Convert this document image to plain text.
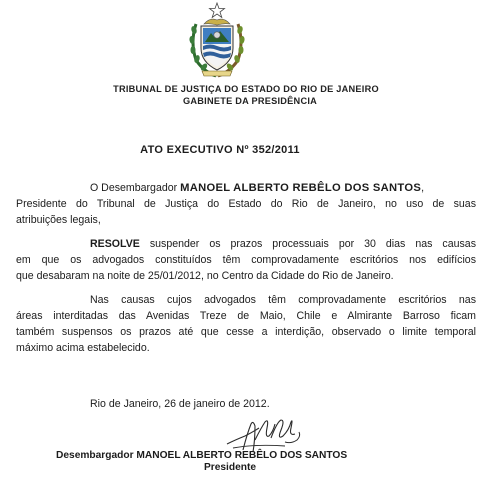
TRIBUNAL DE JUSTIÇA DO ESTADO DO RIO DE JANEIRO
GABINETE DA PRESIDÊNCIA
ATO EXECUTIVO Nº 352/2011
O Desembargador MANOEL ALBERTO REBÊLO DOS SANTOS,
Presidente do Tribunal de Justiça do Estado do Rio de Janeiro, no uso de suas
atribuições legais,
RESOLVE suspender os prazos processuais por 30 dias nas causas
em que os advogados constituídos têm comprovadamente escritórios nos edifícios
que desabaram na noite de 25/01/2012, no Centro da Cidade do Rio de Janeiro.
Nas causas cujos advogados têm comprovadamente escritórios nas
áreas interditadas das Avenidas Treze de Maio, Chile e Almirante Barroso ficam
também suspensos os prazos até que cesse a interdição, observado o limite temporal
máximo acima estabelecido.
Rio de Janeiro, 26 de janeiro de 2012.
Desembargador MANOEL ALBERTO REBÊLO DOS SANTOS
Presidente
